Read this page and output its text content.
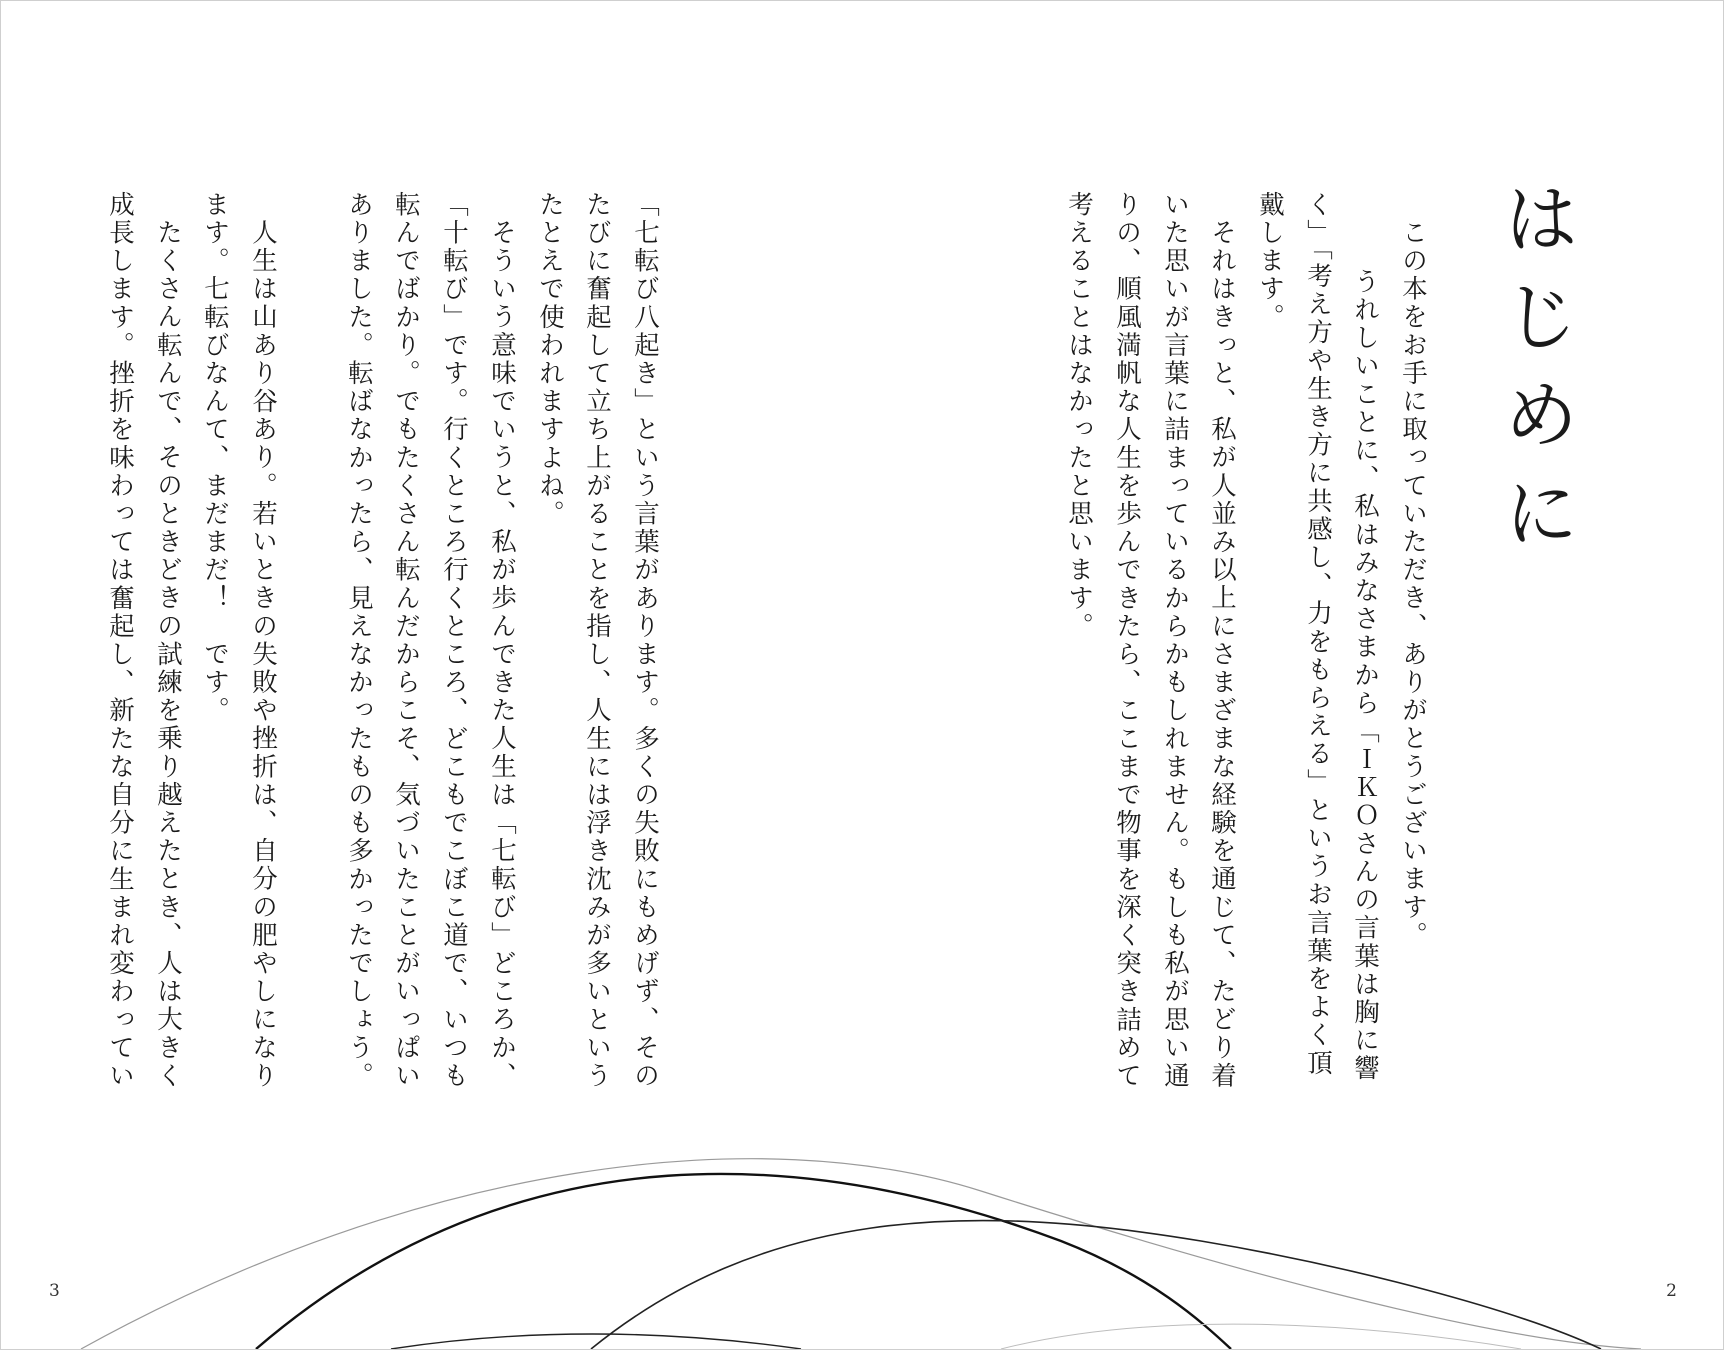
はじめに
この本をお手に取っていただき、ありがとうございます。
うれしいことに、私はみなさまから「ＩＫＯさんの言葉は胸に響
く」「考え方や生き方に共感し、力をもらえる」というお言葉をよく頂
戴します。
それはきっと、私が人並み以上にさまざまな経験を通じて、たどり着
いた思いが言葉に詰まっているからかもしれません。もしも私が思い通
りの、順風満帆な人生を歩んできたら、ここまで物事を深く突き詰めて
考えることはなかったと思います。
「七転び八起き」という言葉があります。多くの失敗にもめげず、その
たびに奮起して立ち上がることを指し、人生には浮き沈みが多いという
たとえで使われますよね。
そういう意味でいうと、私が歩んできた人生は「七転び」どころか、
「十転び」です。行くところ行くところ、どこもでこぼこ道で、いつも
転んでばかり。でもたくさん転んだからこそ、気づいたことがいっぱい
ありました。転ばなかったら、見えなかったものも多かったでしょう。
人生は山あり谷あり。若いときの失敗や挫折は、自分の肥やしになり
ます。七転びなんて、まだまだ！　です。
たくさん転んで、そのときどきの試練を乗り越えたとき、人は大きく
成長します。挫折を味わっては奮起し、新たな自分に生まれ変わってい
3	2
